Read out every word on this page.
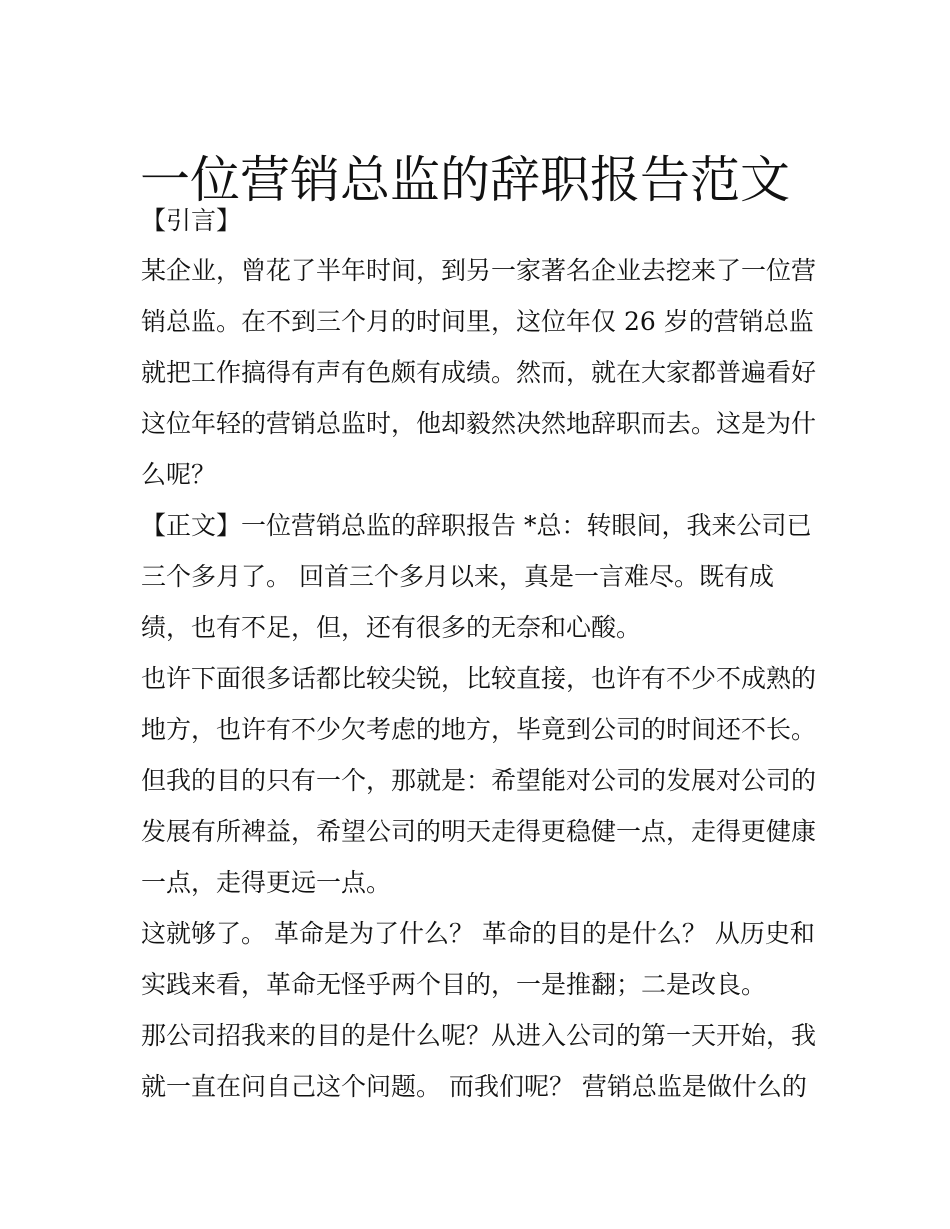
一位营销总监的辞职报告范文
【引言】
某企业，曾花了半年时间，到另一家著名企业去挖来了一位营
销总监。在不到三个月的时间里，这位年仅 26 岁的营销总监
就把工作搞得有声有色颇有成绩。然而，就在大家都普遍看好
这位年轻的营销总监时，他却毅然决然地辞职而去。这是为什
么呢？
【正文】一位营销总监的辞职报告 *总：转眼间，我来公司已
三个多月了。 回首三个多月以来，真是一言难尽。既有成
绩，也有不足，但，还有很多的无奈和心酸。
也许下面很多话都比较尖锐，比较直接，也许有不少不成熟的
地方，也许有不少欠考虑的地方，毕竟到公司的时间还不长。
但我的目的只有一个，那就是：希望能对公司的发展对公司的
发展有所裨益，希望公司的明天走得更稳健一点，走得更健康
一点，走得更远一点。
这就够了。 革命是为了什么？ 革命的目的是什么？ 从历史和
实践来看，革命无怪乎两个目的，一是推翻；二是改良。
那公司招我来的目的是什么呢？从进入公司的第一天开始，我
就一直在问自己这个问题。 而我们呢？ 营销总监是做什么的
